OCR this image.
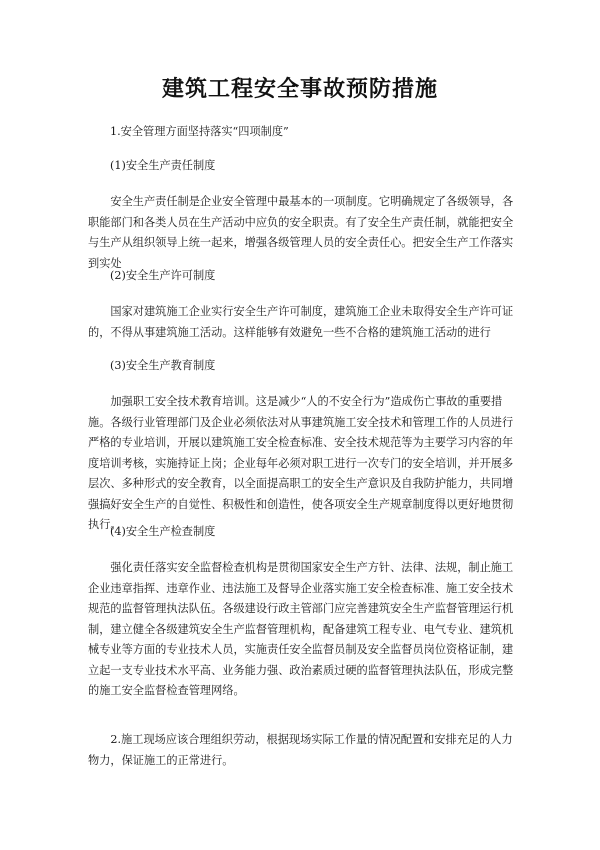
建筑工程安全事故预防措施

1.安全管理方面坚持落实“四项制度”

(1)安全生产责任制度

安全生产责任制是企业安全管理中最基本的一项制度。它明确规定了各级领导，各职能部门和各类人员在生产活动中应负的安全职责。有了安全生产责任制，就能把安全与生产从组织领导上统一起来，增强各级管理人员的安全责任心。把安全生产工作落实到实处

(2)安全生产许可制度

国家对建筑施工企业实行安全生产许可制度，建筑施工企业未取得安全生产许可证的，不得从事建筑施工活动。这样能够有效避免一些不合格的建筑施工活动的进行

(3)安全生产教育制度

加强职工安全技术教育培训。这是减少“人的不安全行为”造成伤亡事故的重要措施。各级行业管理部门及企业必须依法对从事建筑施工安全技术和管理工作的人员进行严格的专业培训，开展以建筑施工安全检查标准、安全技术规范等为主要学习内容的年度培训考核，实施持证上岗；企业每年必须对职工进行一次专门的安全培训，并开展多层次、多种形式的安全教育，以全面提高职工的安全生产意识及自我防护能力，共同增强搞好安全生产的自觉性、积极性和创造性，使各项安全生产规章制度得以更好地贯彻执行。

(4)安全生产检查制度

强化责任落实安全监督检查机构是贯彻国家安全生产方针、法律、法规，制止施工企业违章指挥、违章作业、违法施工及督导企业落实施工安全检查标准、施工安全技术规范的监督管理执法队伍。各级建设行政主管部门应完善建筑安全生产监督管理运行机制，建立健全各级建筑安全生产监督管理机构，配备建筑工程专业、电气专业、建筑机械专业等方面的专业技术人员，实施责任安全监督员制及安全监督员岗位资格证制，建立起一支专业技术水平高、业务能力强、政治素质过硬的监督管理执法队伍，形成完整的施工安全监督检查管理网络。

2.施工现场应该合理组织劳动，根据现场实际工作量的情况配置和安排充足的人力物力，保证施工的正常进行。
